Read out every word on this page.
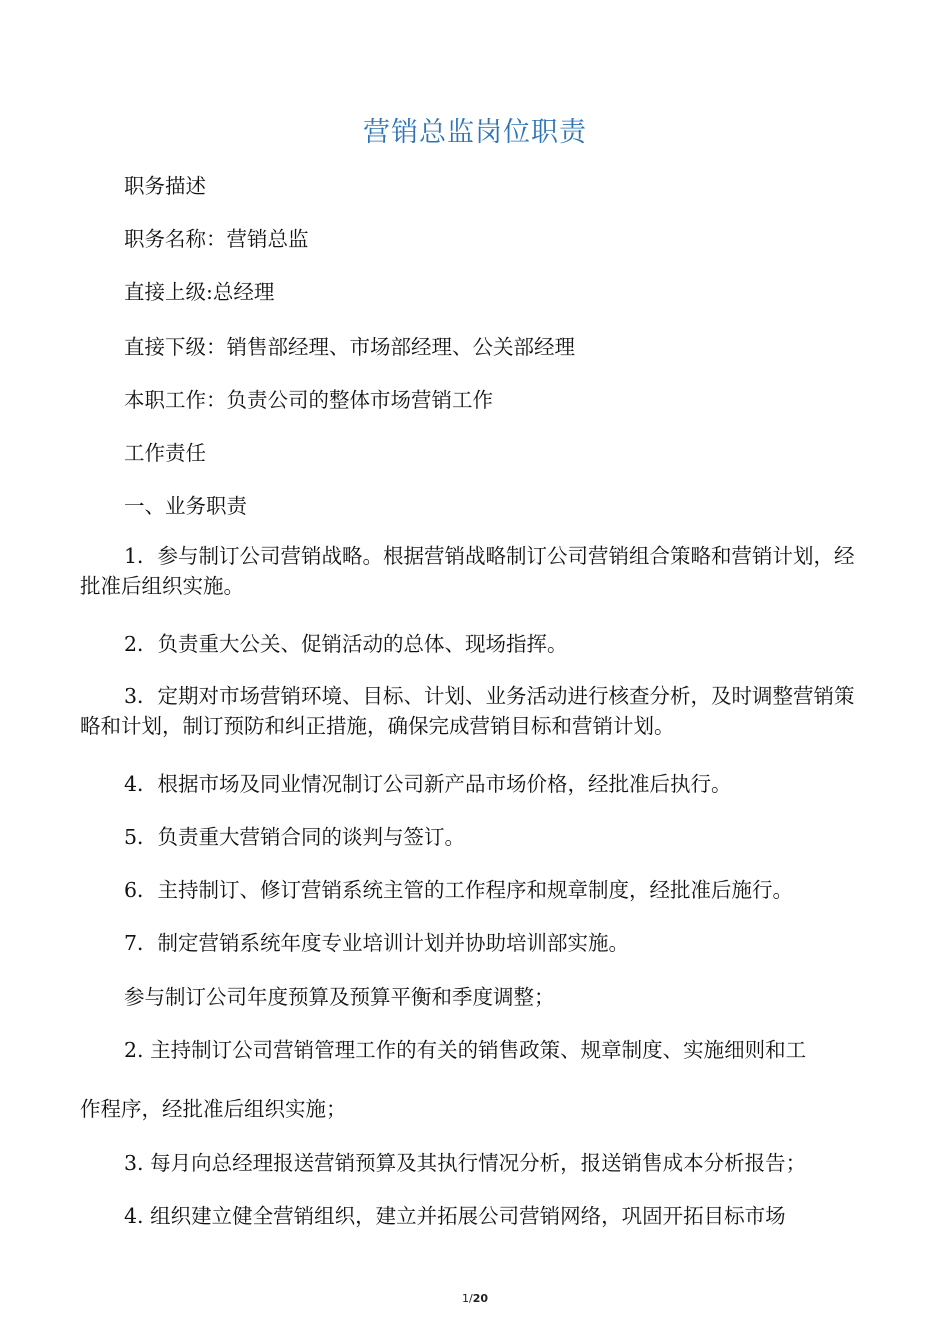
营销总监岗位职责
职务描述
职务名称：营销总监
直接上级:总经理
直接下级：销售部经理、市场部经理、公关部经理
本职工作：负责公司的整体市场营销工作
工作责任
一、业务职责
1．参与制订公司营销战略。根据营销战略制订公司营销组合策略和营销计划，经批准后组织实施。
2．负责重大公关、促销活动的总体、现场指挥。
3．定期对市场营销环境、目标、计划、业务活动进行核查分析，及时调整营销策略和计划，制订预防和纠正措施，确保完成营销目标和营销计划。
4．根据市场及同业情况制订公司新产品市场价格，经批准后执行。
5．负责重大营销合同的谈判与签订。
6．主持制订、修订营销系统主管的工作程序和规章制度，经批准后施行。
7．制定营销系统年度专业培训计划并协助培训部实施。
参与制订公司年度预算及预算平衡和季度调整；
2. 主持制订公司营销管理工作的有关的销售政策、规章制度、实施细则和工
作程序，经批准后组织实施；
3. 每月向总经理报送营销预算及其执行情况分析，报送销售成本分析报告；
4. 组织建立健全营销组织，建立并拓展公司营销网络，巩固开拓目标市场
1/20
